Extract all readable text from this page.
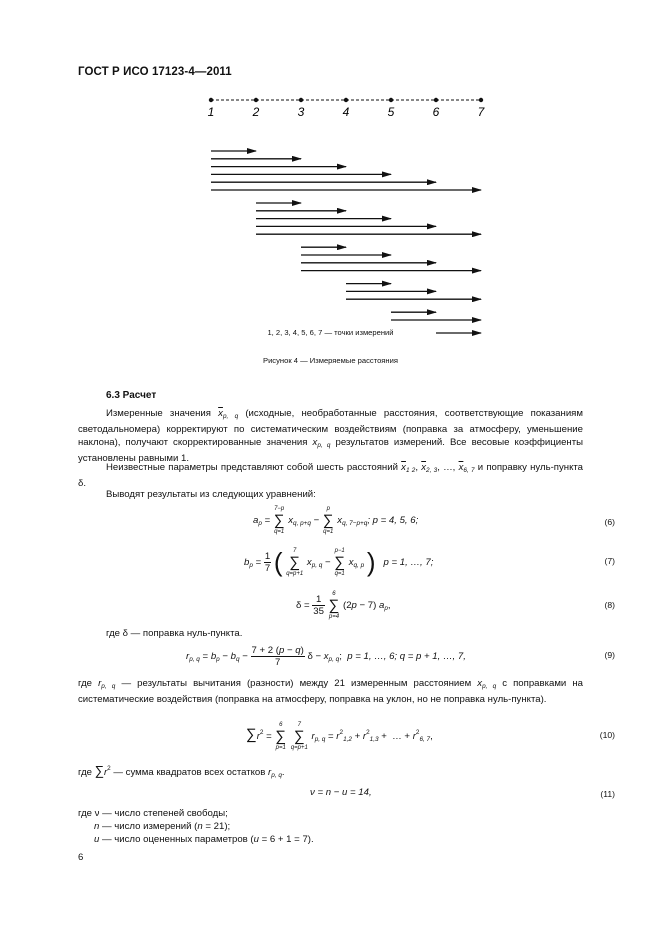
ГОСТ Р ИСО 17123-4—2011
1	2	3	4	5	6	7
1, 2, 3, 4, 5, 6, 7 — точки измерений
Рисунок 4 — Измеряемые расстояния
6.3 Расчет
Измеренные значения $\overline{x}_{p, q}$ (исходные, необработанные расстояния, соответствующие показаниям светодальномера) корректируют по систематическим воздействиям (поправка за атмосферу, уменьшение наклона), получают скорректированные значения $x_{p, q}$ результатов измерений. Все весовые коэффициенты установлены равными 1.
Неизвестные параметры представляют собой шесть расстояний $\overline{x}_{1 2}$, $\overline{x}_{2, 3}$, …, $\overline{x}_{6, 7}$ и поправку нуль-пункта δ.
Выводят результаты из следующих уравнений:
$a_p$ =
7−p
∑
q=1
$x_{q, p+q}$ −
p
∑
q=1
$x_{q, 7-p+q}$; p = 4, 5, 6;	(6)
$b_p = \frac{1}{7}$ (	7
∑
q=p+1
$x_{p, q}$ −
p−1
∑
q=1
$x_{q, p}$ ) p = 1, …, 7;	(7)
$\delta = \frac{1}{35}$
	6
∑
p=4
(2p − 7) $a_p$,	(8)
где δ — поправка нуль-пункта.
$r_{p, q} = b_p - b_q - \frac{7 + 2 (p - q)}{7}$ $\delta - x_{p, q}$;  p = 1, …, 6; q = p + 1, …, 7,	(9)
где $r_{p, q}$ — результаты вычитания (разности) между 21 измеренным расстоянием $x_{p, q}$ с поправками на систематические воздействия (поправка на атмосферу, поправка на уклон, но не поправка нуль-пункта).
$\sum r^2$ =
6
∑
p=1

7
∑
q=p+1
$r_{p, q} = r^2_{1,2} + r^2_{1,3}$ +  … + $r^2_{6, 7}$,	(10)
где $\sum r^2$ — сумма квадратов всех остатков $r_{p, q}$.
ν = n − u = 14,	(11)
где ν — число степеней свободы;
n — число измерений (n = 21);
u — число оцененных параметров (u = 6 + 1 = 7).
6
